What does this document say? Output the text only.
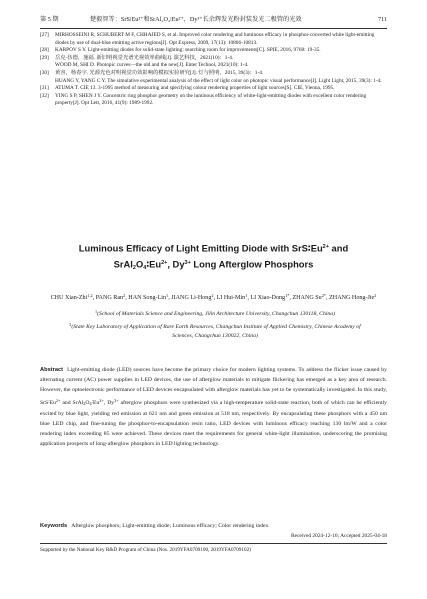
第 5 期	楚毅智等：SrS∶Eu²⁺和SrAl₂O₄∶Eu²⁺，Dy³⁺长余辉发光粉封装发光二极管的光效	711
[27] MIRHOSSEINI R, SCHUBERT M F, CHHAJED S, et al. Improved color rendering and luminous efficacy in phosphor-converted white light-emitting diodes by use of dual-blue emitting active regions[J]. Opt Express, 2009, 17(13): 10806-10813.
[28] KARPOV S Y. Light-emitting diodes for solid-state lighting: searching room for improvements[C]. SPIE, 2016, 9768: 19-35.
[29] 岳克-伍德，施福. 新旧明视觉光谱光视效率曲线[J]. 演艺科技，2021(10)：1-4.
WOOD M, SHI D. Photopic curves—the old and the new[J]. Enter Technol, 2021(10): 1-4.
[30] 黄容，杨春宇. 光源光色对明视觉功效影响的模拟实验研究[J]. 灯与照明，2015, 39(3)：1-4.
HUANG Y, YANG C Y. The simulative experimental analysis of the effect of light color on photopic visual performance[J]. Light Light, 2015, 39(3): 1-4.
[31] ATUMA T. CIE 13. 3-1995 method of measuring and specifying colour rendering properties of light sources[S]. CIE, Vienna, 1995.
[32] YING S P, SHEN J Y. Concentric ring phosphor geometry on the luminous efficiency of white-light-emitting diodes with excellent color rendering property[J]. Opt Lett, 2016, 41(9): 1989-1992.
Luminous Efficacy of Light Emitting Diode with $SrS∶Eu^{2+}$ and
$SrAl_2O_4∶Eu^{2+}$, $Dy^{3+}$ Long Afterglow Phosphors
CHU Xian-Zhi$^{1,2}$, PANG Ran$^2$, HAN Song-Lin$^1$, JIANG Li-Hong$^2$, LI Hui-Min$^1$, LI Xiao-Dong$^{1*}$, ZHANG $Su^{2*}$, ZHANG Hong-Jie$^2$
$^1$(School of Materials Science and Engineering, Jilin Architecture University, Changchun 130118, China)
$^2$(State Key Laboratory of Application of Rare Earth Resources, Changchun Institute of Applied Chemistry, Chinese Academy of Sciences, Changchun 130022, China)
Abstract Light-emitting diode (LED) sources have become the primary choice for modern lighting systems. To address the flicker issue caused by alternating current (AC) power supplies in LED devices, the use of afterglow materials to mitigate flickering has emerged as a key area of research. However, the optoelectronic performance of LED devices encapsulated with afterglow materials has yet to be systematically investigated. In this study, $SrS∶Eu^{2+}$ and $SrAl_2O_4∶Eu^{2+}$, $Dy^{3+}$ afterglow phosphors were synthesized via a high-temperature solid-state reaction, both of which can be efficiently excited by blue light, yielding red emission at 621 nm and green emission at 518 nm, respectively. By encapsulating these phosphors with a 450 nm blue LED chip, and fine-tuning the phosphor-to-encapsulation resin ratio, LED devices with luminous efficacy reaching 130 lm/W and a color rendering index exceeding 85 were achieved. These devices meet the requirements for general white-light illumination, underscoring the promising application prospects of long-afterglow phosphors in LED lighting technology.
Keywords Afterglow phosphors; Light-emitting diode; Luminous efficacy; Color rendering index
Received 2024-12-16; Accepted 2025-04-18
Supported by the National Key R&D Program of China (Nos. 2019YFA0709100, 2019YFA0709102)
